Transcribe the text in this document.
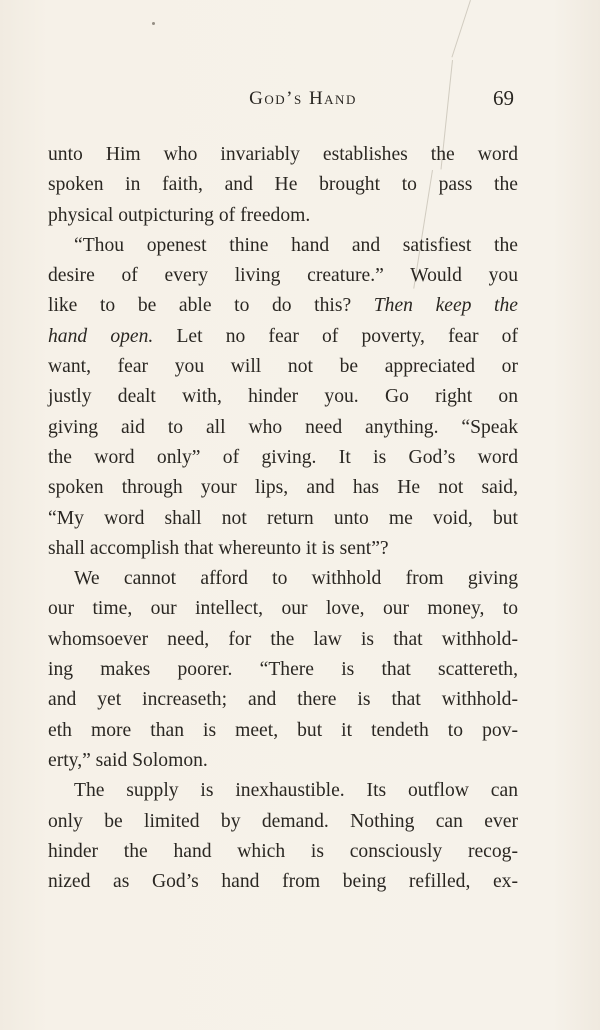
God’s Hand	69
unto Him who invariably establishes the word
spoken in faith, and He brought to pass the
physical outpicturing of freedom.
“Thou openest thine hand and satisfiest the
desire of every living creature.” Would you
like to be able to do this? Then keep the
hand open. Let no fear of poverty, fear of
want, fear you will not be appreciated or
justly dealt with, hinder you. Go right on
giving aid to all who need anything. “Speak
the word only” of giving. It is God’s word
spoken through your lips, and has He not said,
“My word shall not return unto me void, but
shall accomplish that whereunto it is sent”?
We cannot afford to withhold from giving
our time, our intellect, our love, our money, to
whomsoever need, for the law is that withhold-
ing makes poorer. “There is that scattereth,
and yet increaseth; and there is that withhold-
eth more than is meet, but it tendeth to pov-
erty,” said Solomon.
The supply is inexhaustible. Its outflow can
only be limited by demand. Nothing can ever
hinder the hand which is consciously recog-
nized as God’s hand from being refilled, ex-
